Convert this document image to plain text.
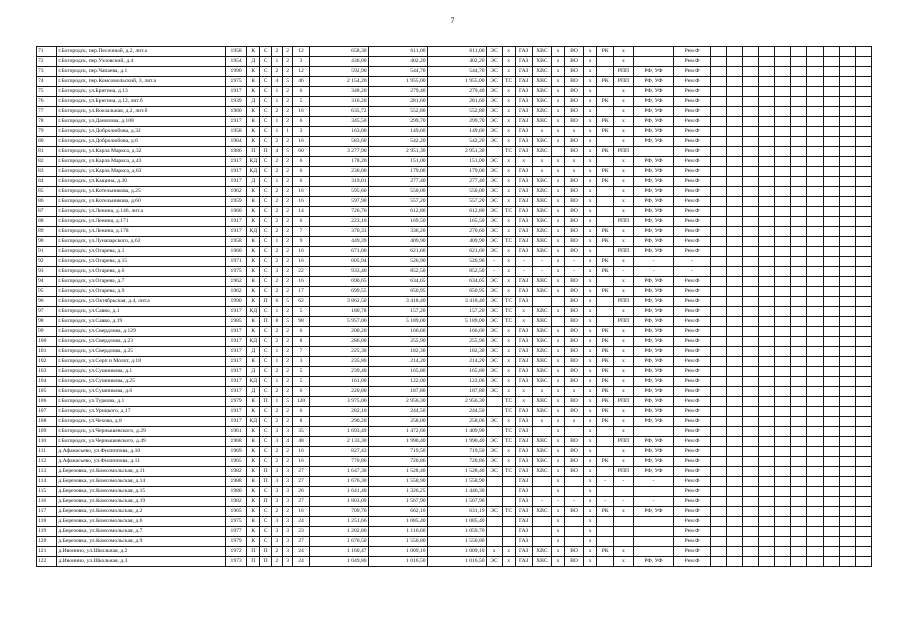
7
71	г.Богородск, пер.Песочный, д.2, лит.а	1958	К	С	2	2	12	658,30	611,00	611,00	ЭС	х	ГАЗ	ХВС	х	ВО	х	РК	х		Рем.Ф										
72	г.Богородск, пер.Узловский, д.4	1954	Д	С	1	2	3	436,00	402,20	402,20	ЭС	х	ГАЗ	ХВС	х	ВО	х		х		Рем.Ф										
73	г.Богородск, пер.Чапаева, д.1	1990	К	С	2	2	12	592,90	544,70	544,70	ЭС	х	ГАЗ	ХВС	х	ВО	х		РПП	РФ, УФ	Рем.Ф										
74	г.Богородск, пер.Комсомольский, 3, лит.а	1975	К	С	4	5	46	2 154,20	1 955,00	1 955,00	ЭС	ТС	ГАЗ	ХВС	х	ВО	х	РК	РПП	РФ, УФ	Рем.Ф										
75	г.Богородск, ул.Бригина, д.13	1917	К	С	1	2	6	348,20	279,40	279,40	ЭС	х	ГАЗ	ХВС	х	ВО	х		х	РФ, УФ	Рем.Ф										
76	г.Богородск, ул.Бригина, д.12, лит.б	1939	Д	С	1	2	5	316,20	281,60	281,60	ЭС	х	ГАЗ	ХВС	х	ВО	х	РК	х	РФ, УФ	Рем.Ф										
77	г.Богородск, ул.Вокзальная, д.2, лит.б	1960	К	С	2	2	16	635,72	552,80	552,80	ЭС	х	ГАЗ	ХВС	х	ВО	х		х	РФ, УФ	Рем.Ф										
78	г.Богородск, ул.Данилова, д.108	1917	К	С	1	2	6	345,50	299,70	299,70	ЭС	х	ГАЗ	ХВС	х	ВО	х	РК	х	РФ, УФ	Рем.Ф										
79	г.Богородск, ул.Добролюбова, д.32	1958	К	С	1	1	3	163,00	149,60	149,60	ЭС	х	ГАЗ	х	х	х	х	РК	х	РФ, УФ	Рем.Ф										
80	г.Богородск, ул.Добролюбова, д.6	1964	К	С	2	2	16	583,60	542,20	542,20	ЭС	х	ГАЗ	ХВС	х	ВО	х		х	РФ, УФ	Рем.Ф										
81	г.Богородск, ул.Карла Маркса, д.32	1986	П	П	4	5	60	3 277,90	2 951,30	2 951,30		ТС	ГАЗ	ХВС		ВО	х	РК	РПП		Рем.Ф										
82	г.Богородск, ул.Карла Маркса, д.43	1917	КД	С	2	2	6	178,20	151,00	151,00	ЭС	х	х	х	х	х	х		х	РФ, УФ	Рем.Ф										
83	г.Богородск, ул.Карла Маркса, д.63	1917	КД	С	2	2	6	236,00	179,00	179,00	ЭС	х	ГАЗ	х	х	х	х	РК	х	РФ, УФ	Рем.Ф										
84	г.Богородск, ул.Кащина, д.30	1917	Д	С	1	2	6	319,01	277,40	277,40	ЭС	х	ГАЗ	ХВС	х	ВО	х	РК	х	РФ, УФ	Рем.Ф										
85	г.Богородск, ул.Котельникова, д.25	1962	К	С	2	2	16	595,60	550,00	550,00	ЭС	х	ГАЗ	ХВС	х	ВО	х		х	РФ, УФ	Рем.Ф										
86	г.Богородск, ул.Котельникова, д.60	1959	К	С	2	2	16	597,90	557,20	557,20	ЭС	х	ГАЗ	ХВС	х	ВО	х		х	РФ, УФ	Рем.Ф										
87	г.Богородск, ул.Ленина, д.146, лит.а	1960	К	С	2	2	14	726,70	612,80	612,80	ЭС	ТС	ГАЗ	ХВС	х	ВО	х		х	РФ, УФ	Рем.Ф										
88	г.Богородск, ул.Ленина, д.171	1917	К	С	2	2	6	223,10	169,50	165,50	ЭС	х	ГАЗ	ХВС	х	ВО	х		РПП	РФ, УФ	Рем.Ф										
89	г.Богородск, ул.Ленина, д.178	1917	КД	С	2	2	7	370,33	336,20	270,60	ЭС	х	ГАЗ	ХВС	х	ВО	х	РК	х	РФ, УФ	Рем.Ф										
90	г.Богородск, ул.Луначарского, д.62	1958	К	С	1	2	9	449,39	409,90	409,90	ЭС	ТС	ГАЗ	ХВС	х	ВО	х	РК	х	РФ, УФ	Рем.Ф										
91	г.Богородск, ул.Огарева, д.1	1960	К	С	2	2	16	671,00	621,60	621,60	ЭС	х	ГАЗ	ХВС	х	ВО	х		РПП	РФ, УФ	Рем.Ф										
92	г.Богородск, ул.Огарева, д.15	1971	К	С	2	2	16	605,94	526,90	526,90	-	х	-	-	х	-	х	РК	х	-	-										
93	г.Богородск, ул.Огарева, д.6	1975	К	С	3	2	22	933,40	852,50	852,50	-	х	-	-	х	-	х	РК	-	-	-										
94	г.Богородск, ул.Огарева, д.7	1962	К	С	2	2	16	690,65	634,65	634,65	ЭС	х	ГАЗ	ХВС	х	ВО	х		х	РФ, УФ	Рем.Ф										
95	г.Богородск, ул.Огарева, д.9	1962	К	С	2	2	17	699,55	650,95	650,95	ЭС	х	ГАЗ	ХВС	х	ВО	х	РК	х	РФ, УФ	Рем.Ф										
96	г.Богородск, ул.Октябрьская, д.4, лит.а	1990	К	П	6	5	62	3 862,50	3 418,40	3 418,40	ЭС	ТС	ГАЗ			ВО	х		РПП	РФ, УФ	Рем.Ф										
97	г.Богородск, ул.Савво, д.1	1917	КД	С	1	2	5	180,78	157,20	157,20	ЭС	ТС	х	ХВС	х	ВО	х		х	РФ, УФ	Рем.Ф										
98	г.Богородск, ул.Савво, д.19	1985	К	П	8	5	98	5 957,00	5 189,00	5 189,00	ЭС	ТС	х	ХВС		ВО	х		РПП	РФ, УФ	Рем.Ф										
99	г.Богородск, ул.Свердлова, д.129	1917	К	С	2	2	6	200,20	166,60	166,60	ЭС	х	ГАЗ	ХВС	х	ВО	х	РК	х	РФ, УФ	Рем.Ф										
100	г.Богородск, ул.Свердлова, д.23	1917	КД	С	2	2	8	286,00	255,90	255,90	ЭС	х	ГАЗ	ХВС	х	ВО	х	РК	х	РФ, УФ	Рем.Ф										
101	г.Богородск, ул.Свердлова, д.25	1917	Д	С	1	2	7	225,30	182,30	182,30	ЭС	х	ГАЗ	ХВС	х	ВО	х	РК	х	РФ, УФ	Рем.Ф										
102	г.Богородск, ул.Серп и Молот, д.18	1917	К	С	1	2	3	235,80	214,20	214,20	ЭС	х	ГАЗ	ХВС	х	ВО	х	РК	х	РФ, УФ	Рем.Ф										
103	г.Богородск, ул.Сушникова, д.1	1917	Д	С	2	2	5	239,40	165,80	165,80	ЭС	х	ГАЗ	ХВС	х	ВО	х	РК	х	РФ, УФ	Рем.Ф										
104	г.Богородск, ул.Сушникова, д.25	1917	КД	С	1	2	5	161,00	122,00	122,00	ЭС	х	ГАЗ	ХВС	х	ВО	х	РК	х	РФ, УФ	Рем.Ф										
105	г.Богородск, ул.Сушникова, д.6	1917	Д	С	2	2	6	220,80	187,80	187,80	ЭС	х	х	х	х	х	х	РК	х	РФ, УФ	Рем.Ф										
106	г.Богородск, ул.Туркова, д.1	1979	К	П	1	5	120	3 975,00	2 956,30	2 956,30		ТС	х	ХВС	х	ВО	х	РК	РПП	РФ, УФ	Рем.Ф										
107	г.Богородск, ул.Урицкого, д.17	1917	К	С	2	2	6	282,10	244,50	244,50		ТС	ГАЗ	ХВС	х	ВО	х	РК	х	РФ, УФ	Рем.Ф										
108	г.Богородск, ул.Чехова, д.8	1917	КД	С	2	2	8	290,20	258,00	258,00	ЭС	х	ГАЗ	х	х	х	х	РК	х	РФ, УФ	Рем.Ф										
109	г.Богородск, ул.Чернышевского, д.29	1961	К	С	3	3	35	1 693,49	1 472,60	1 409,90		ТС	ГАЗ		х		х		х		Рем.Ф										
110	г.Богородск, ул.Чернышевского, д.49	1968	К	С	3	4	48	2 133,30	1 990,40	1 990,40	ЭС	ТС	ГАЗ	ХВС	х	ВО	х		РПП	РФ, УФ	Рем.Ф										
111	д.Афанасьево, ул.Филиппова, д.10	1969	К	С	2	2	16	827,43	719,50	719,50	ЭС	х	ГАЗ	ХВС	х	ВО	х		х	РФ, УФ	Рем.Ф										
112	д.Афанасьево, ул.Филиппова, д.11	1965	К	С	2	2	16	770,86	720,86	720,86	ЭС	х	ГАЗ	ХВС	х	ВО	х	РК	х	РФ, УФ	Рем.Ф										
113	д.Березовка, ул.Комсомольская, д.11	1982	К	П	3	3	27	1 647,30	1 528,40	1 528,40	ЭС	ТС	ГАЗ	ХВС	х	ВО	х		РПП	РФ, УФ	Рем.Ф										
114	д.Березовка, ул.Комсомольская, д.14	1988	К	П	3	3	27	1 676,30	1 558,90	1 558,90			ГАЗ		х		х	-	-	-	Рем.Ф										
115	д.Березовка, ул.Комсомольская, д.15	1980	К	С	3	3	26	1 641,40	1 326,25	1 446,30			ГАЗ		х		х				Рем.Ф										
116	д.Березовка, ул.Комсомольская, д.19	1982	К	П	3	3	27	1 803,09	1 567,90	1 567,90			ГАЗ	-	-	-	х	-	-	-	Рем.Ф										
117	д.Березовка, ул.Комсомольская, д.2	1965	К	С	2	2	16	709,70	662,10	631,19	ЭС	ТС	ГАЗ	ХВС	х	ВО	х	РК	х	РФ, УФ	Рем.Ф										
118	д.Березовка, ул.Комсомольская, д.6	1975	К	С	3	3	24	1 251,66	1 085,40	1 085,40			ГАЗ		х		х				Рем.Ф										
119	д.Березовка, ул.Комсомольская, д.7	1977	К	С	3	3	23	1 202,80	1 116,60	1 059,70			ГАЗ		х		х				Рем.Ф										
120	д.Березовка, ул.Комсомольская, д.9	1979	К	С	3	3	27	1 670,50	1 550,80	1 550,80			ГАЗ		х		х				Рем.Ф										
121	д.Ивонино, ул.Школьная, д.2	1972	П	П	2	3	24	1 160,47	1 009,10	1 009,10	х	х	ГАЗ	ХВС	х	ВО	х	РК	х		Рем.Ф										
122	д.Ивонино, ул.Школьная, д.3	1973	П	П	2	3	24	1 049,80	1 016,50	1 016,50	ЭС	х	ГАЗ	ХВС	х	ВО	х		х	РФ, УФ	Рем.Ф										
